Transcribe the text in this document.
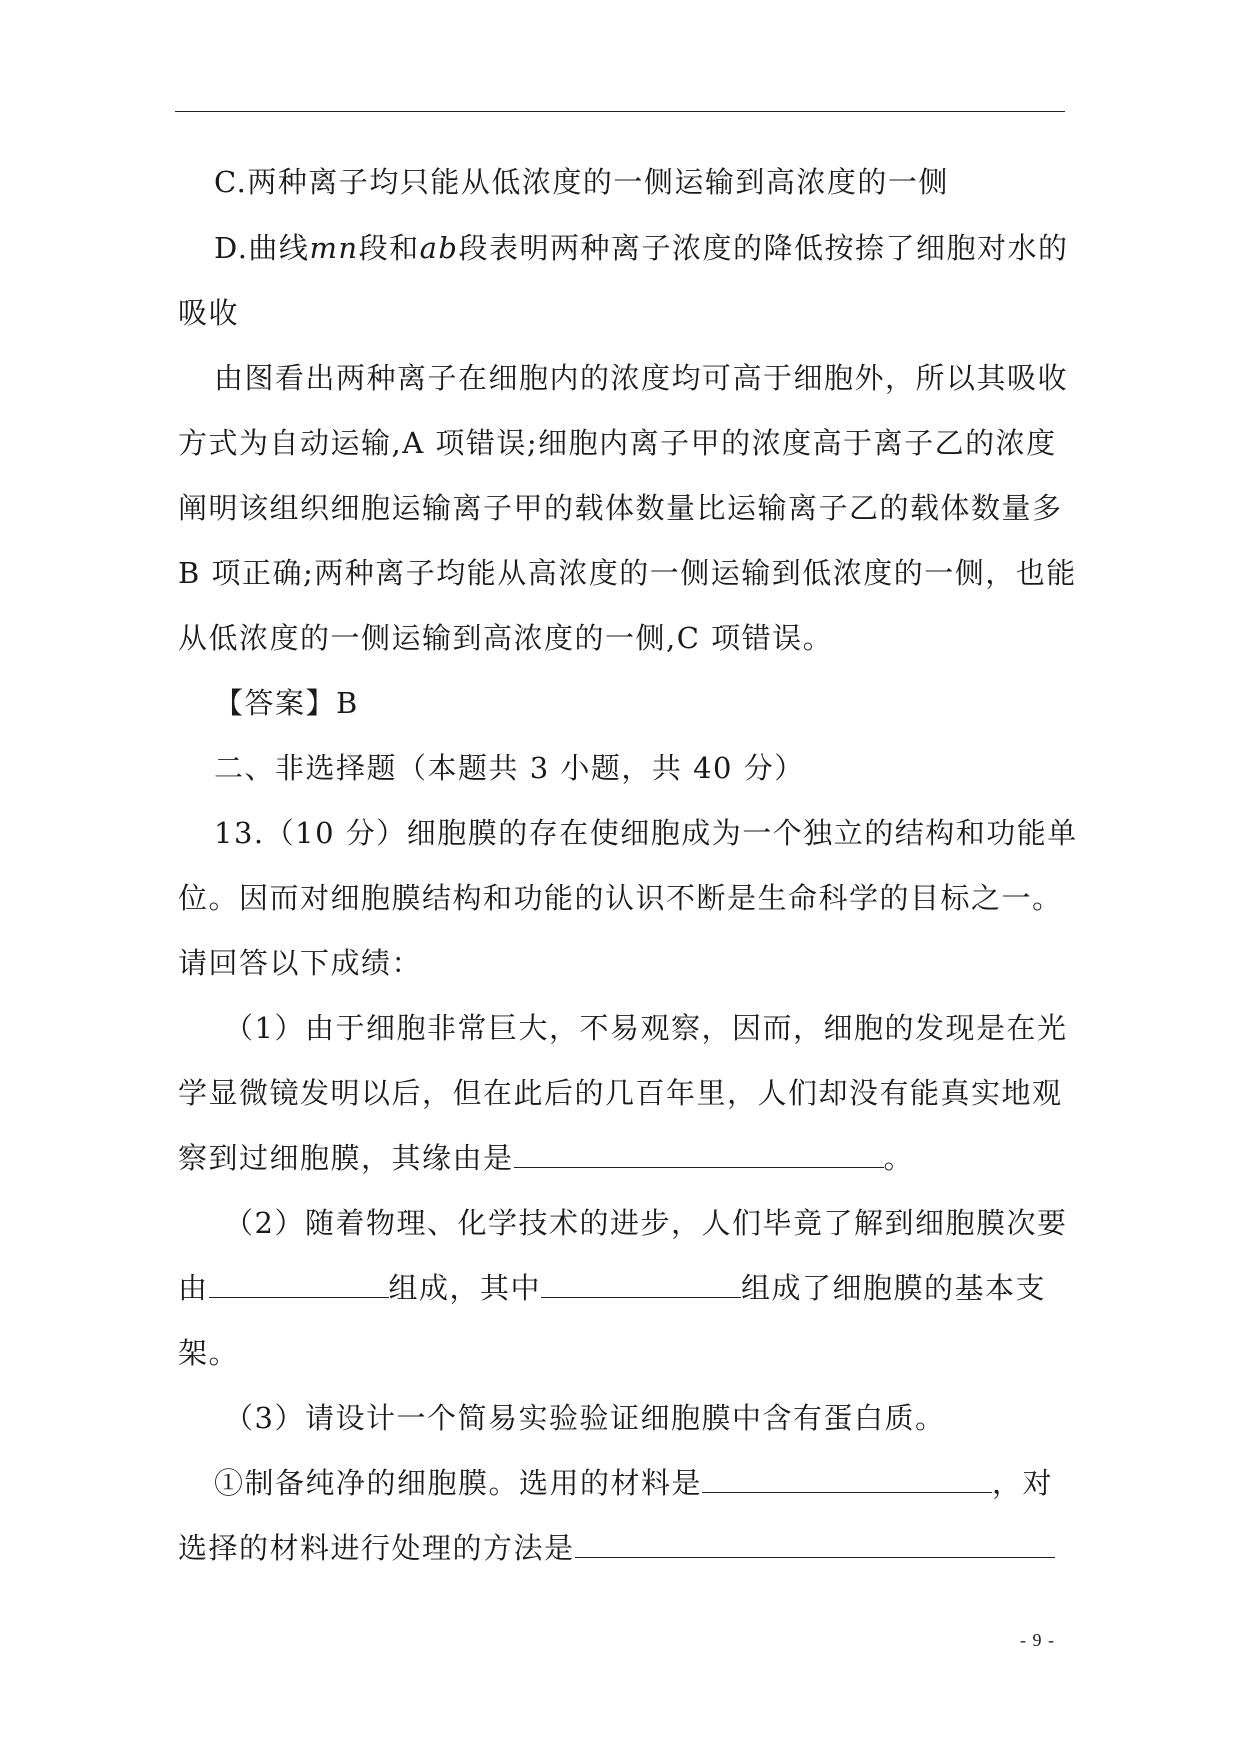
C.两种离子均只能从低浓度的一侧运输到高浓度的一侧
D.曲线mn段和ab段表明两种离子浓度的降低按捺了细胞对水的
吸收
由图看出两种离子在细胞内的浓度均可高于细胞外，所以其吸收
方式为自动运输,A 项错误;细胞内离子甲的浓度高于离子乙的浓度
阐明该组织细胞运输离子甲的载体数量比运输离子乙的载体数量多
B 项正确;两种离子均能从高浓度的一侧运输到低浓度的一侧，也能
从低浓度的一侧运输到高浓度的一侧,C 项错误。
【答案】B
二、非选择题（本题共 3 小题，共 40 分）
13.（10 分）细胞膜的存在使细胞成为一个独立的结构和功能单
位。因而对细胞膜结构和功能的认识不断是生命科学的目标之一。
请回答以下成绩：
（1）由于细胞非常巨大，不易观察，因而，细胞的发现是在光
学显微镜发明以后，但在此后的几百年里，人们却没有能真实地观
察到过细胞膜，其缘由是	。
（2）随着物理、化学技术的进步，人们毕竟了解到细胞膜次要
由	组成，其中	组成了细胞膜的基本支
架。
（3）请设计一个简易实验验证细胞膜中含有蛋白质。
①制备纯净的细胞膜。选用的材料是	，对
选择的材料进行处理的方法是
- 9 -
